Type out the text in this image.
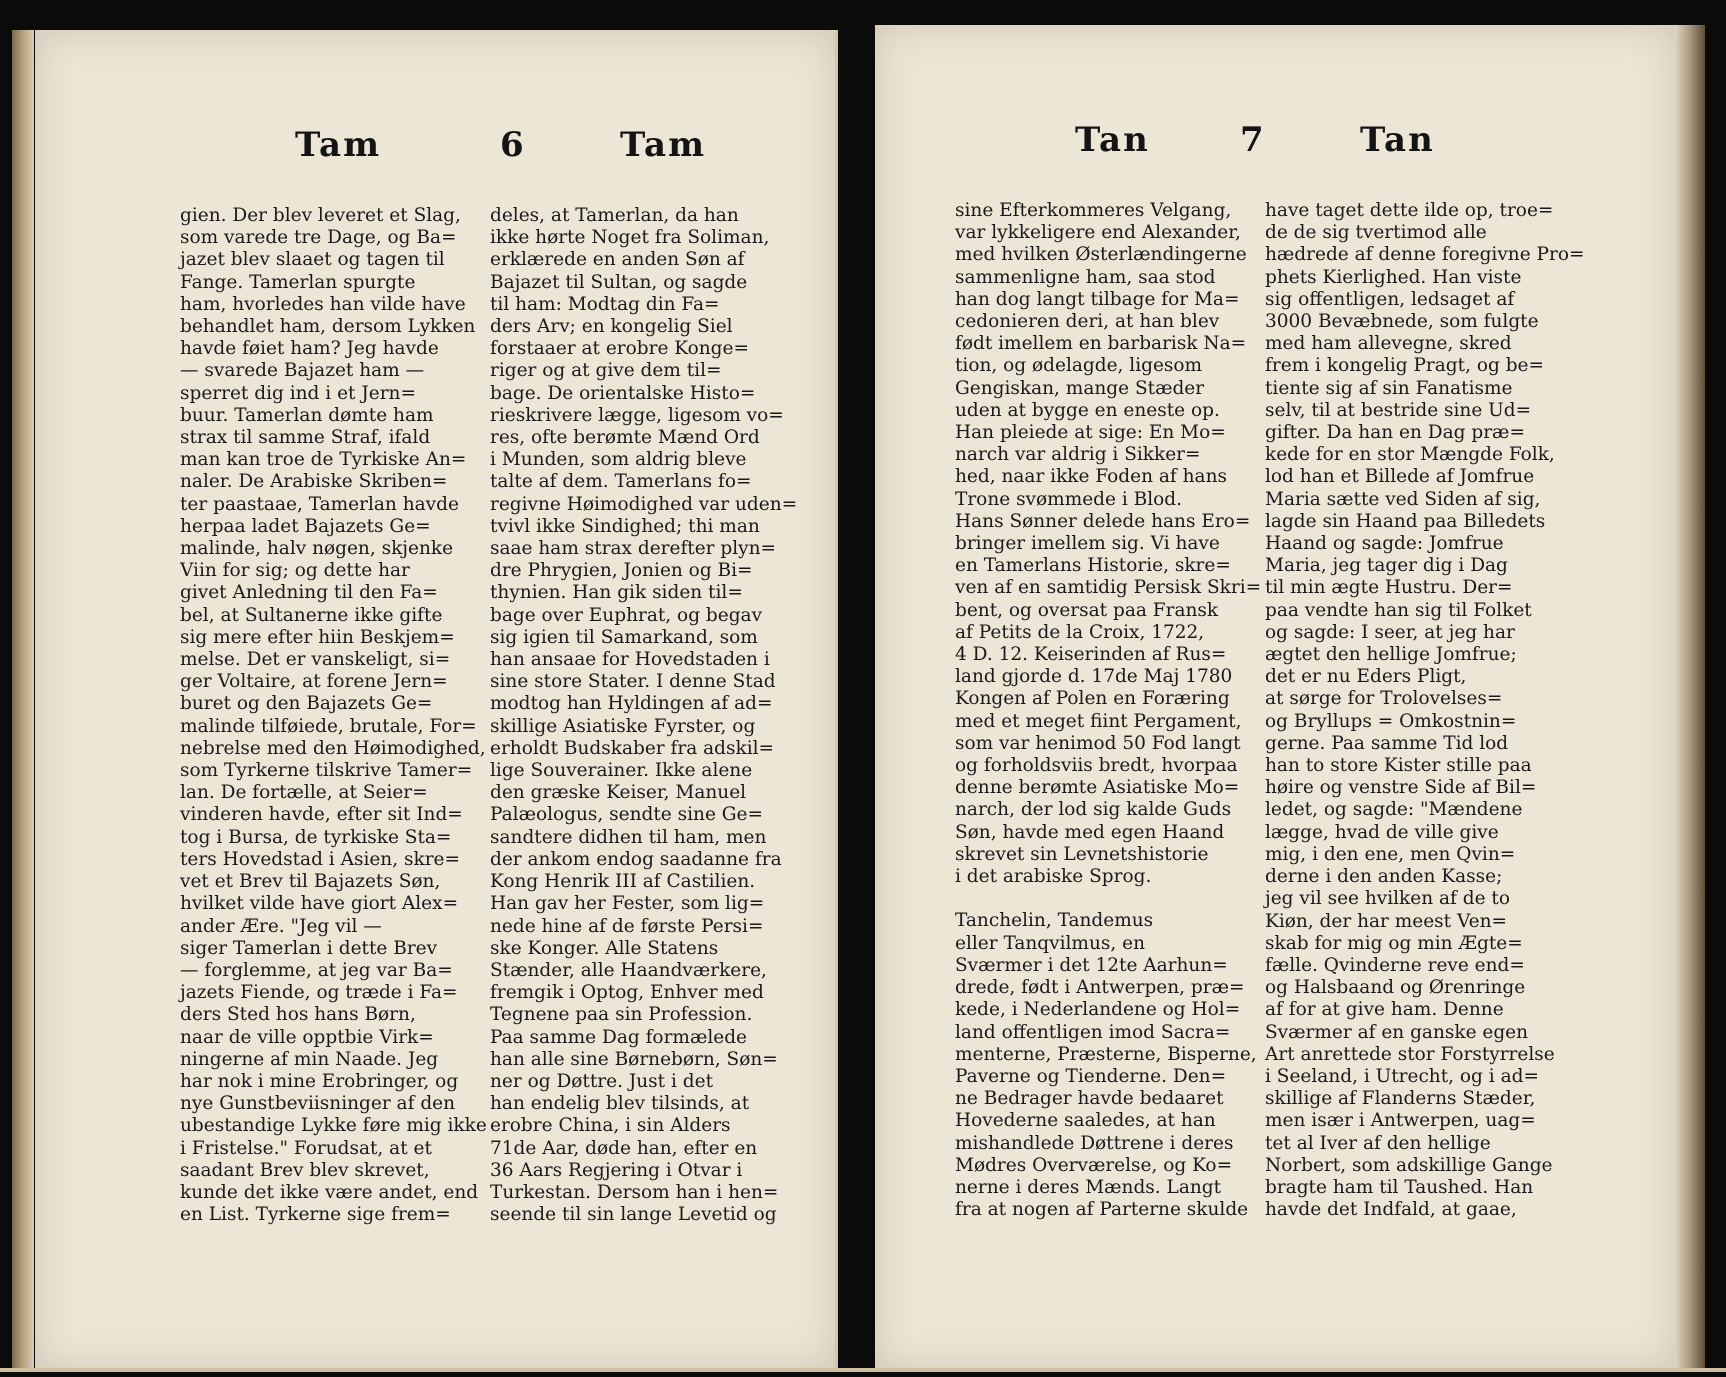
Tam	6	Tam
gien. Der blev leveret et Slag,
som varede tre Dage, og Ba=
jazet blev slaaet og tagen til
Fange. Tamerlan spurgte
ham, hvorledes han vilde have
behandlet ham, dersom Lykken
havde føiet ham? Jeg havde
— svarede Bajazet ham —
sperret dig ind i et Jern=
buur. Tamerlan dømte ham
strax til samme Straf, ifald
man kan troe de Tyrkiske An=
naler. De Arabiske Skriben=
ter paastaae, Tamerlan havde
herpaa ladet Bajazets Ge=
malinde, halv nøgen, skjenke
Viin for sig; og dette har
givet Anledning til den Fa=
bel, at Sultanerne ikke gifte
sig mere efter hiin Beskjem=
melse. Det er vanskeligt, si=
ger Voltaire, at forene Jern=
buret og den Bajazets Ge=
malinde tilføiede, brutale, For=
nebrelse med den Høimodighed,
som Tyrkerne tilskrive Tamer=
lan. De fortælle, at Seier=
vinderen havde, efter sit Ind=
tog i Bursa, de tyrkiske Sta=
ters Hovedstad i Asien, skre=
vet et Brev til Bajazets Søn,
hvilket vilde have giort Alex=
ander Ære. "Jeg vil —
siger Tamerlan i dette Brev
— forglemme, at jeg var Ba=
jazets Fiende, og træde i Fa=
ders Sted hos hans Børn,
naar de ville opptbie Virk=
ningerne af min Naade. Jeg
har nok i mine Erobringer, og
nye Gunstbeviisninger af den
ubestandige Lykke føre mig ikke
i Fristelse." Forudsat, at et
saadant Brev blev skrevet,
kunde det ikke være andet, end
en List. Tyrkerne sige frem=
deles, at Tamerlan, da han
ikke hørte Noget fra Soliman,
erklærede en anden Søn af
Bajazet til Sultan, og sagde
til ham: Modtag din Fa=
ders Arv; en kongelig Siel
forstaaer at erobre Konge=
riger og at give dem til=
bage. De orientalske Histo=
rieskrivere lægge, ligesom vo=
res, ofte berømte Mænd Ord
i Munden, som aldrig bleve
talte af dem. Tamerlans fo=
regivne Høimodighed var uden=
tvivl ikke Sindighed; thi man
saae ham strax derefter plyn=
dre Phrygien, Jonien og Bi=
thynien. Han gik siden til=
bage over Euphrat, og begav
sig igien til Samarkand, som
han ansaae for Hovedstaden i
sine store Stater. I denne Stad
modtog han Hyldingen af ad=
skillige Asiatiske Fyrster, og
erholdt Budskaber fra adskil=
lige Souverainer. Ikke alene
den græske Keiser, Manuel
Palæologus, sendte sine Ge=
sandtere didhen til ham, men
der ankom endog saadanne fra
Kong Henrik III af Castilien.
Han gav her Fester, som lig=
nede hine af de første Persi=
ske Konger. Alle Statens
Stænder, alle Haandværkere,
fremgik i Optog, Enhver med
Tegnene paa sin Profession.
Paa samme Dag formælede
han alle sine Børnebørn, Søn=
ner og Døttre. Just i det
han endelig blev tilsinds, at
erobre China, i sin Alders
71de Aar, døde han, efter en
36 Aars Regjering i Otvar i
Turkestan. Dersom han i hen=
seende til sin lange Levetid og
Tan	7	Tan
sine Efterkommeres Velgang,
var lykkeligere end Alexander,
med hvilken Østerlændingerne
sammenligne ham, saa stod
han dog langt tilbage for Ma=
cedonieren deri, at han blev
født imellem en barbarisk Na=
tion, og ødelagde, ligesom
Gengiskan, mange Stæder
uden at bygge en eneste op.
Han pleiede at sige: En Mo=
narch var aldrig i Sikker=
hed, naar ikke Foden af hans
Trone svømmede i Blod.
Hans Sønner delede hans Ero=
bringer imellem sig. Vi have
en Tamerlans Historie, skre=
ven af en samtidig Persisk Skri=
bent, og oversat paa Fransk
af Petits de la Croix, 1722,
4 D. 12. Keiserinden af Rus=
land gjorde d. 17de Maj 1780
Kongen af Polen en Foræring
med et meget fiint Pergament,
som var henimod 50 Fod langt
og forholdsviis bredt, hvorpaa
denne berømte Asiatiske Mo=
narch, der lod sig kalde Guds
Søn, havde med egen Haand
skrevet sin Levnetshistorie
i det arabiske Sprog.
Tanchelin, Tandemus
eller Tanqvilmus, en
Sværmer i det 12te Aarhun=
drede, født i Antwerpen, præ=
kede, i Nederlandene og Hol=
land offentligen imod Sacra=
menterne, Præsterne, Bisperne,
Paverne og Tienderne. Den=
ne Bedrager havde bedaaret
Hovederne saaledes, at han
mishandlede Døttrene i deres
Mødres Overværelse, og Ko=
nerne i deres Mænds. Langt
fra at nogen af Parterne skulde
have taget dette ilde op, troe=
de de sig tvertimod alle
hædrede af denne foregivne Pro=
phets Kierlighed. Han viste
sig offentligen, ledsaget af
3000 Bevæbnede, som fulgte
med ham allevegne, skred
frem i kongelig Pragt, og be=
tiente sig af sin Fanatisme
selv, til at bestride sine Ud=
gifter. Da han en Dag præ=
kede for en stor Mængde Folk,
lod han et Billede af Jomfrue
Maria sætte ved Siden af sig,
lagde sin Haand paa Billedets
Haand og sagde: Jomfrue
Maria, jeg tager dig i Dag
til min ægte Hustru. Der=
paa vendte han sig til Folket
og sagde: I seer, at jeg har
ægtet den hellige Jomfrue;
det er nu Eders Pligt,
at sørge for Trolovelses=
og Bryllups = Omkostnin=
gerne. Paa samme Tid lod
han to store Kister stille paa
høire og venstre Side af Bil=
ledet, og sagde: "Mændene
lægge, hvad de ville give
mig, i den ene, men Qvin=
derne i den anden Kasse;
jeg vil see hvilken af de to
Kiøn, der har meest Ven=
skab for mig og min Ægte=
fælle. Qvinderne reve end=
og Halsbaand og Ørenringe
af for at give ham. Denne
Sværmer af en ganske egen
Art anrettede stor Forstyrrelse
i Seeland, i Utrecht, og i ad=
skillige af Flanderns Stæder,
men især i Antwerpen, uag=
tet al Iver af den hellige
Norbert, som adskillige Gange
bragte ham til Taushed. Han
havde det Indfald, at gaae,
